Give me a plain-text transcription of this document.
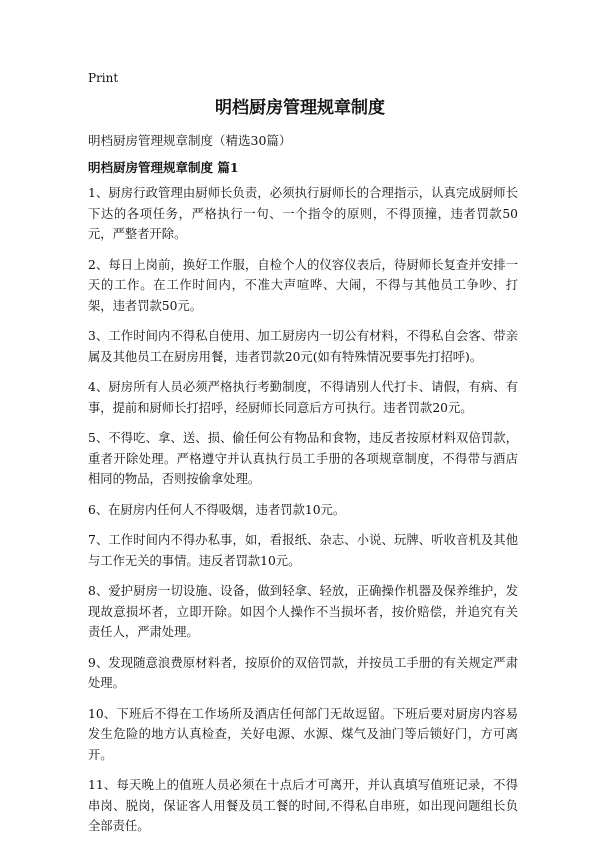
Print
明档厨房管理规章制度
明档厨房管理规章制度（精选30篇）
明档厨房管理规章制度 篇1

1、厨房行政管理由厨师长负责，必须执行厨师长的合理指示，认真完成厨师长下达的各项任务，严格执行一句、一个指令的原则，不得顶撞，违者罚款50元，严整者开除。

2、每日上岗前，换好工作服，自检个人的仪容仪表后，待厨师长复查并安排一天的工作。在工作时间内，不准大声喧哗、大闹，不得与其他员工争吵、打架，违者罚款50元。

3、工作时间内不得私自使用、加工厨房内一切公有材料，不得私自会客、带亲属及其他员工在厨房用餐，违者罚款20元(如有特殊情况要事先打招呼)。

4、厨房所有人员必须严格执行考勤制度，不得请别人代打卡、请假，有病、有事，提前和厨师长打招呼，经厨师长同意后方可执行。违者罚款20元。

5、不得吃、拿、送、损、偷任何公有物品和食物，违反者按原材料双倍罚款，重者开除处理。严格遵守并认真执行员工手册的各项规章制度，不得带与酒店相同的物品，否则按偷拿处理。

6、在厨房内任何人不得吸烟，违者罚款10元。

7、工作时间内不得办私事，如，看报纸、杂志、小说、玩牌、听收音机及其他与工作无关的事情。违反者罚款10元。

8、爱护厨房一切设施、设备，做到轻拿、轻放，正确操作机器及保养维护，发现故意损坏者，立即开除。如因个人操作不当损坏者，按价赔偿，并追究有关责任人，严肃处理。

9、发现随意浪费原材料者，按原价的双倍罚款，并按员工手册的有关规定严肃处理。

10、下班后不得在工作场所及酒店任何部门无故逗留。下班后要对厨房内容易发生危险的地方认真检查，关好电源、水源、煤气及油门等后锁好门，方可离开。

11、每天晚上的值班人员必须在十点后才可离开，并认真填写值班记录，不得串岗、脱岗，保证客人用餐及员工餐的时间,不得私自串班，如出现问题组长负全部责任。
